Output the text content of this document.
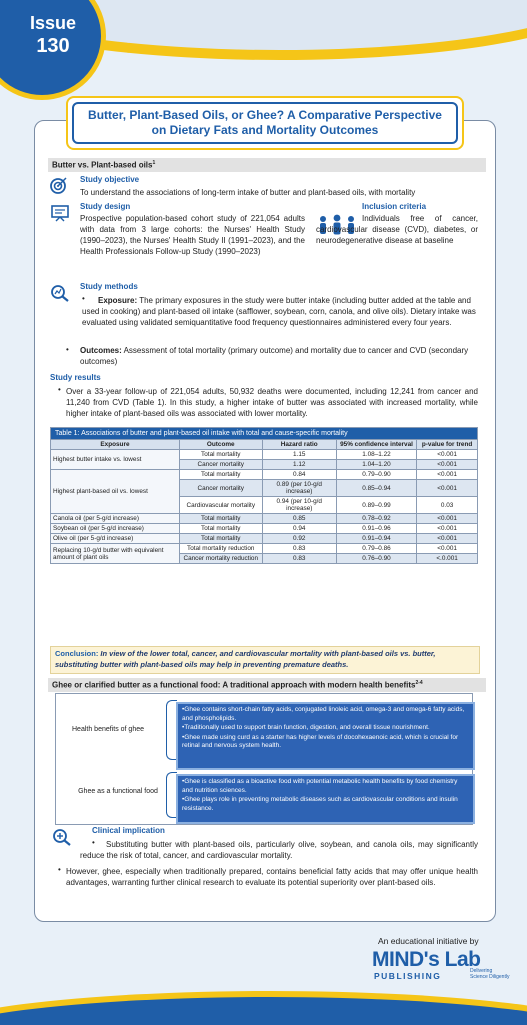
Issue
130
Butter, Plant-Based Oils, or Ghee? A Comparative Perspective on Dietary Fats and Mortality Outcomes
Butter vs. Plant-based oils$^1$
Study objective
To understand the associations of long-term intake of butter and plant-based oils, with mortality
Study design
Prospective population-based cohort study of 221,054 adults with data from 3 large cohorts: the Nurses' Health Study (1990–2023), the Nurses' Health Study II (1991–2023), and the Health Professionals Follow-up Study (1990–2023)
Inclusion criteria
Individuals free of cancer, cardiovascular disease (CVD), diabetes, or neurodegenerative disease at baseline
Study methods
•	Exposure: The primary exposures in the study were butter intake (including butter added at the table and used in cooking) and plant-based oil intake (safflower, soybean, corn, canola, and olive oils). Dietary intake was evaluated using validated semiquantitative food frequency questionnaires administered every four years.
• Outcomes: Assessment of total mortality (primary outcome) and mortality due to cancer and CVD (secondary outcomes)
Study results
• Over a 33-year follow-up of 221,054 adults, 50,932 deaths were documented, including 12,241 from cancer and 11,240 from CVD (Table 1). In this study, a higher intake of butter was associated with increased mortality, while higher intake of plant-based oils was associated with lower mortality.
Table 1: Associations of butter and plant-based oil intake with total and cause-specific mortality				
Exposure	Outcome	Hazard ratio	95% confidence interval	p-value for trend
Highest butter intake vs. lowest	Total mortality	1.15	1.08–1.22	<0.001
	Cancer mortality	1.12	1.04–1.20	<0.001
Highest plant-based oil vs. lowest	Total mortality	0.84	0.79–0.90	<0.001
	Cancer mortality	0.89 (per 10-g/d increase)	0.85–0.94	<0.001
	Cardiovascular mortality	0.94 (per 10-g/d increase)	0.89–0.99	0.03
Canola oil (per 5-g/d increase)	Total mortality	0.85	0.78–0.92	<0.001
Soybean oil (per 5-g/d increase)	Total mortality	0.94	0.91–0.96	<0.001
Olive oil (per 5-g/d increase)	Total mortality	0.92	0.91–0.94	<0.001
Replacing 10-g/d butter with equivalent amount of plant oils	Total mortality reduction	0.83	0.79–0.86	<0.001
	Cancer mortality reduction	0.83	0.76–0.90	<.0.001
Conclusion: In view of the lower total, cancer, and cardiovascular mortality with plant-based oils vs. butter, substituting butter with plant-based oils may help in preventing premature deaths.
Ghee or clarified butter as a functional food: A traditional approach with modern health benefits$^{2-4}$
Health benefits of ghee

•Ghee contains short-chain fatty acids, conjugated linoleic acid, omega-3 and omega-6 fatty acids, and phospholipids.

•Traditionally used to support brain function, digestion, and overall tissue nourishment.

•Ghee made using curd as a starter has higher levels of docohexaenoic acid, which is crucial for retinal and nervous system health.

Ghee as a functional food

•Ghee is classified as a bioactive food with potential metabolic health benefits by food chemistry and nutrition sciences.

•Ghee plays role in preventing metabolic diseases such as cardiovascular conditions and insulin resistance.

Clinical implication
•	Substituting butter with plant-based oils, particularly olive, soybean, and canola oils, may significantly reduce the risk of total, cancer, and cardiovascular mortality.
• However, ghee, especially when traditionally prepared, contains beneficial fatty acids that may offer unique health advantages, warranting further clinical research to evaluate its potential superiority over plant-based oils.
An educational initiative by
MIND's Lab
PUBLISHING	Delivering Science Diligently
